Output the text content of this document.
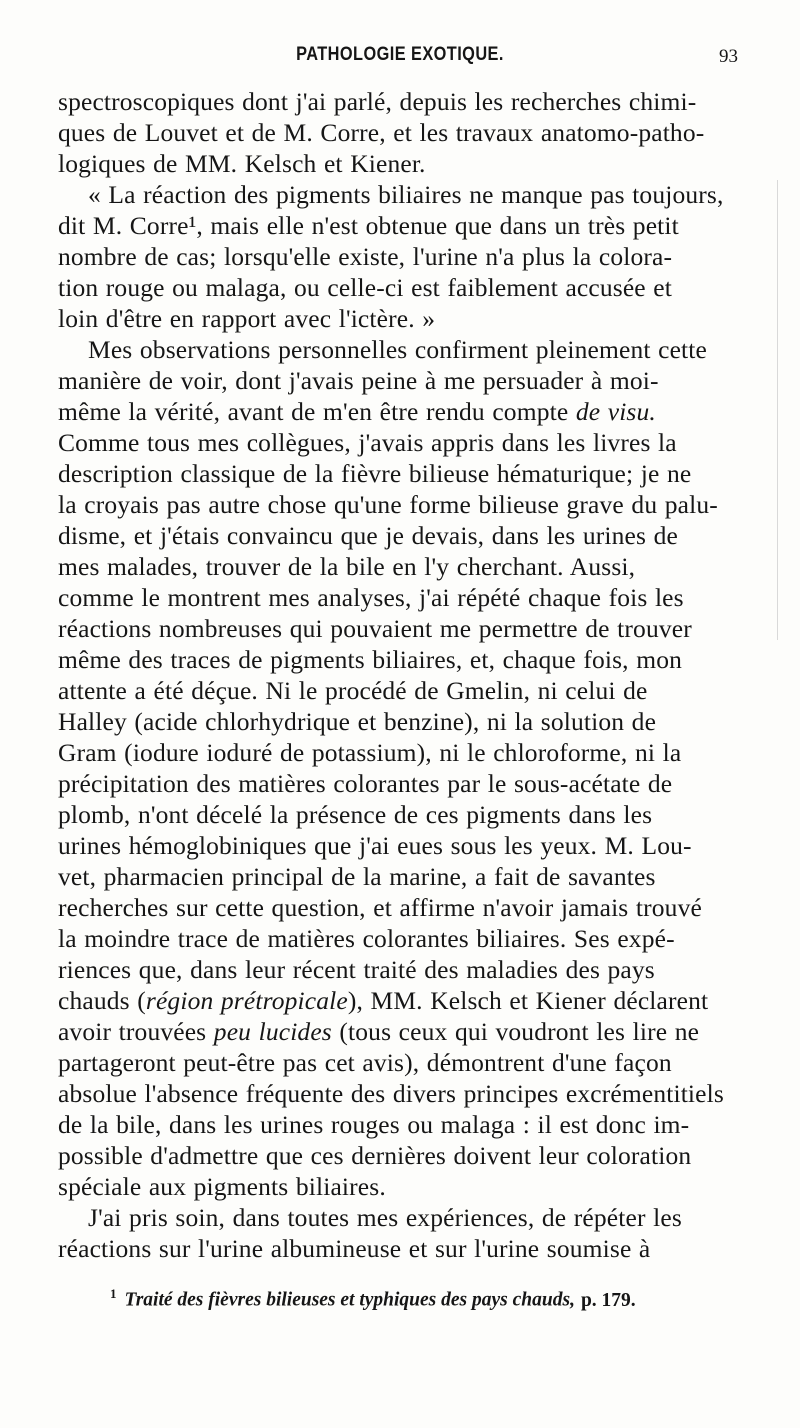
PATHOLOGIE EXOTIQUE.	93
spectroscopiques dont j'ai parlé, depuis les recherches chimi-
ques de Louvet et de M. Corre, et les travaux anatomo-patho-
logiques de MM. Kelsch et Kiener.
« La réaction des pigments biliaires ne manque pas toujours,
dit M. Corre¹, mais elle n'est obtenue que dans un très petit
nombre de cas; lorsqu'elle existe, l'urine n'a plus la colora-
tion rouge ou malaga, ou celle-ci est faiblement accusée et
loin d'être en rapport avec l'ictère. »
Mes observations personnelles confirment pleinement cette
manière de voir, dont j'avais peine à me persuader à moi-
même la vérité, avant de m'en être rendu compte de visu.
Comme tous mes collègues, j'avais appris dans les livres la
description classique de la fièvre bilieuse hématurique; je ne
la croyais pas autre chose qu'une forme bilieuse grave du palu-
disme, et j'étais convaincu que je devais, dans les urines de
mes malades, trouver de la bile en l'y cherchant. Aussi,
comme le montrent mes analyses, j'ai répété chaque fois les
réactions nombreuses qui pouvaient me permettre de trouver
même des traces de pigments biliaires, et, chaque fois, mon
attente a été déçue. Ni le procédé de Gmelin, ni celui de
Halley (acide chlorhydrique et benzine), ni la solution de
Gram (iodure ioduré de potassium), ni le chloroforme, ni la
précipitation des matières colorantes par le sous-acétate de
plomb, n'ont décelé la présence de ces pigments dans les
urines hémoglobiniques que j'ai eues sous les yeux. M. Lou-
vet, pharmacien principal de la marine, a fait de savantes
recherches sur cette question, et affirme n'avoir jamais trouvé
la moindre trace de matières colorantes biliaires. Ses expé-
riences que, dans leur récent traité des maladies des pays
chauds (région prétropicale), MM. Kelsch et Kiener déclarent
avoir trouvées peu lucides (tous ceux qui voudront les lire ne
partageront peut-être pas cet avis), démontrent d'une façon
absolue l'absence fréquente des divers principes excrémentitiels
de la bile, dans les urines rouges ou malaga : il est donc im-
possible d'admettre que ces dernières doivent leur coloration
spéciale aux pigments biliaires.
J'ai pris soin, dans toutes mes expériences, de répéter les
réactions sur l'urine albumineuse et sur l'urine soumise à
$^1$ Traité des fièvres bilieuses et typhiques des pays chauds, p. 179.
